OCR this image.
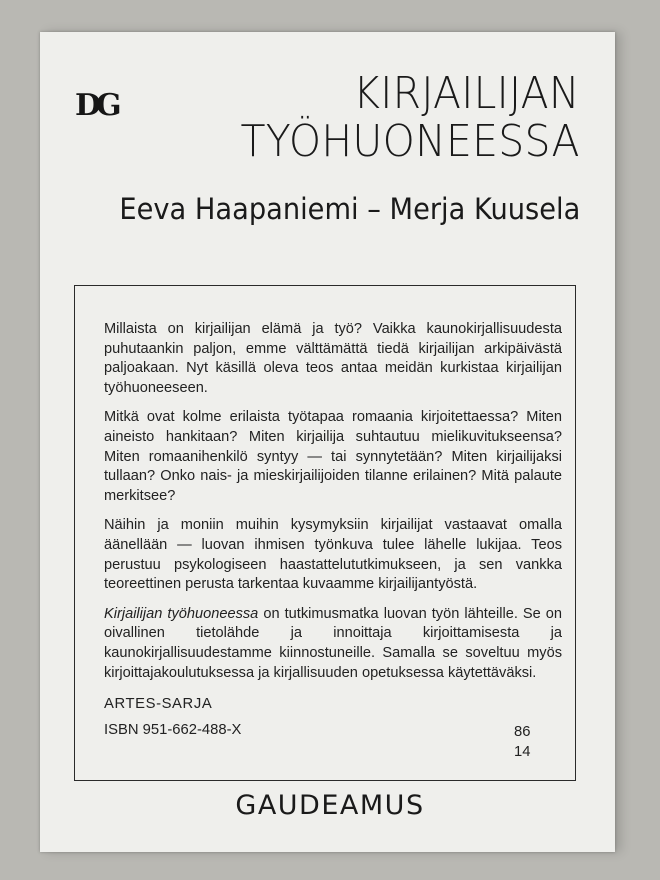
DG	KIRJAILIJAN
TYÖHUONEESSA
Eeva Haapaniemi – Merja Kuusela

Millaista on kirjailijan elämä ja työ? Vaikka kaunokirjallisuudesta puhutaankin paljon, emme välttämättä tiedä kirjailijan arkipäivästä paljoakaan. Nyt käsillä oleva teos antaa meidän kurkistaa kirjailijan työhuoneeseen.

Mitkä ovat kolme erilaista työtapaa romaania kirjoitettaessa? Miten aineisto hankitaan? Miten kirjailija suhtautuu mielikuvitukseensa? Miten romaanihenkilö syntyy — tai synnytetään? Miten kirjailijaksi tullaan? Onko nais- ja mieskirjailijoiden tilanne erilainen? Mitä palaute merkitsee?

Näihin ja moniin muihin kysymyksiin kirjailijat vastaavat omalla äänellään — luovan ihmisen työnkuva tulee lähelle lukijaa. Teos perustuu psykologiseen haastattelututkimukseen, ja sen vankka teoreettinen perusta tarkentaa kuvaamme kirjailijantyöstä.

Kirjailijan työhuoneessa on tutkimusmatka luovan työn lähteille. Se on oivallinen tietolähde ja innoittaja kirjoittamisesta ja kaunokirjallisuudestamme kiinnostuneille. Samalla se soveltuu myös kirjoittajakoulutuksessa ja kirjallisuuden opetuksessa käytettäväksi.

ARTES-SARJA
ISBN 951-662-488-X	86
14
GAUDEAMUS
